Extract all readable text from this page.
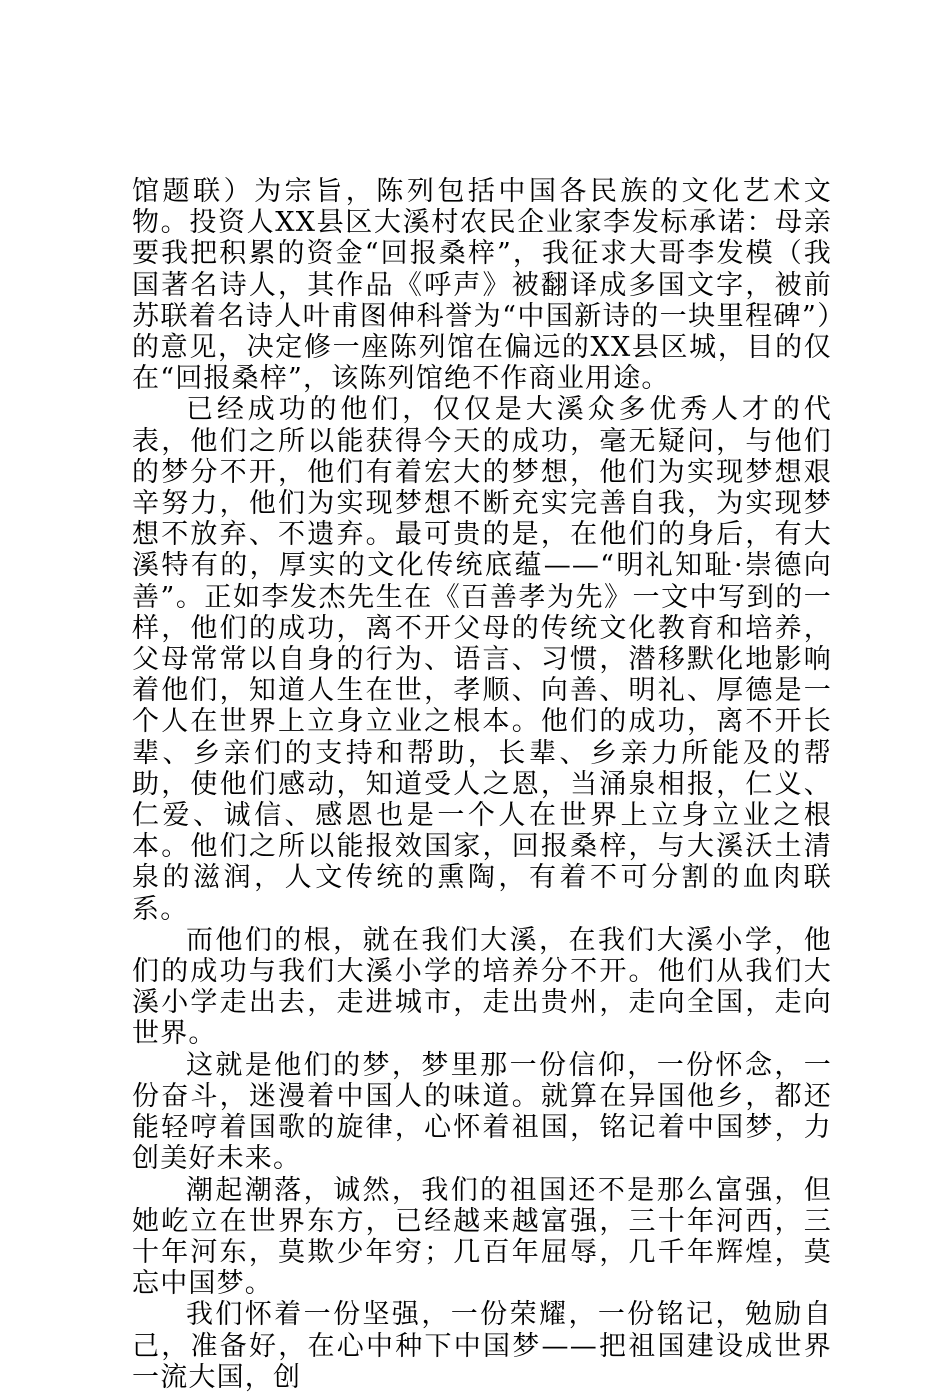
馆题联）为宗旨，陈列包括中国各民族的文化艺术文物。投资人XX县区大溪村农民企业家李发标承诺：母亲要我把积累的资金“回报桑梓”，我征求大哥李发模（我国著名诗人，其作品《呼声》被翻译成多国文字，被前苏联着名诗人叶甫图伸科誉为“中国新诗的一块里程碑”）的意见，决定修一座陈列馆在偏远的XX县区城，目的仅在“回报桑梓”，该陈列馆绝不作商业用途。

已经成功的他们，仅仅是大溪众多优秀人才的代表，他们之所以能获得今天的成功，毫无疑问，与他们的梦分不开，他们有着宏大的梦想，他们为实现梦想艰辛努力，他们为实现梦想不断充实完善自我，为实现梦想不放弃、不遗弃。最可贵的是，在他们的身后，有大溪特有的，厚实的文化传统底蕴——“明礼知耻·崇德向善”。正如李发杰先生在《百善孝为先》一文中写到的一样，他们的成功，离不开父母的传统文化教育和培养，父母常常以自身的行为、语言、习惯，潜移默化地影响着他们，知道人生在世，孝顺、向善、明礼、厚德是一个人在世界上立身立业之根本。他们的成功，离不开长辈、乡亲们的支持和帮助，长辈、乡亲力所能及的帮助，使他们感动，知道受人之恩，当涌泉相报，仁义、仁爱、诚信、感恩也是一个人在世界上立身立业之根本。他们之所以能报效国家，回报桑梓，与大溪沃土清泉的滋润，人文传统的熏陶，有着不可分割的血肉联系。

而他们的根，就在我们大溪，在我们大溪小学，他们的成功与我们大溪小学的培养分不开。他们从我们大溪小学走出去，走进城市，走出贵州，走向全国，走向世界。

这就是他们的梦，梦里那一份信仰，一份怀念，一份奋斗，迷漫着中国人的味道。就算在异国他乡，都还能轻哼着国歌的旋律，心怀着祖国，铭记着中国梦，力创美好未来。

潮起潮落，诚然，我们的祖国还不是那么富强，但她屹立在世界东方，已经越来越富强，三十年河西，三十年河东，莫欺少年穷；几百年屈辱，几千年辉煌，莫忘中国梦。

我们怀着一份坚强，一份荣耀，一份铭记，勉励自己，准备好，在心中种下中国梦——把祖国建设成世界一流大国，创
